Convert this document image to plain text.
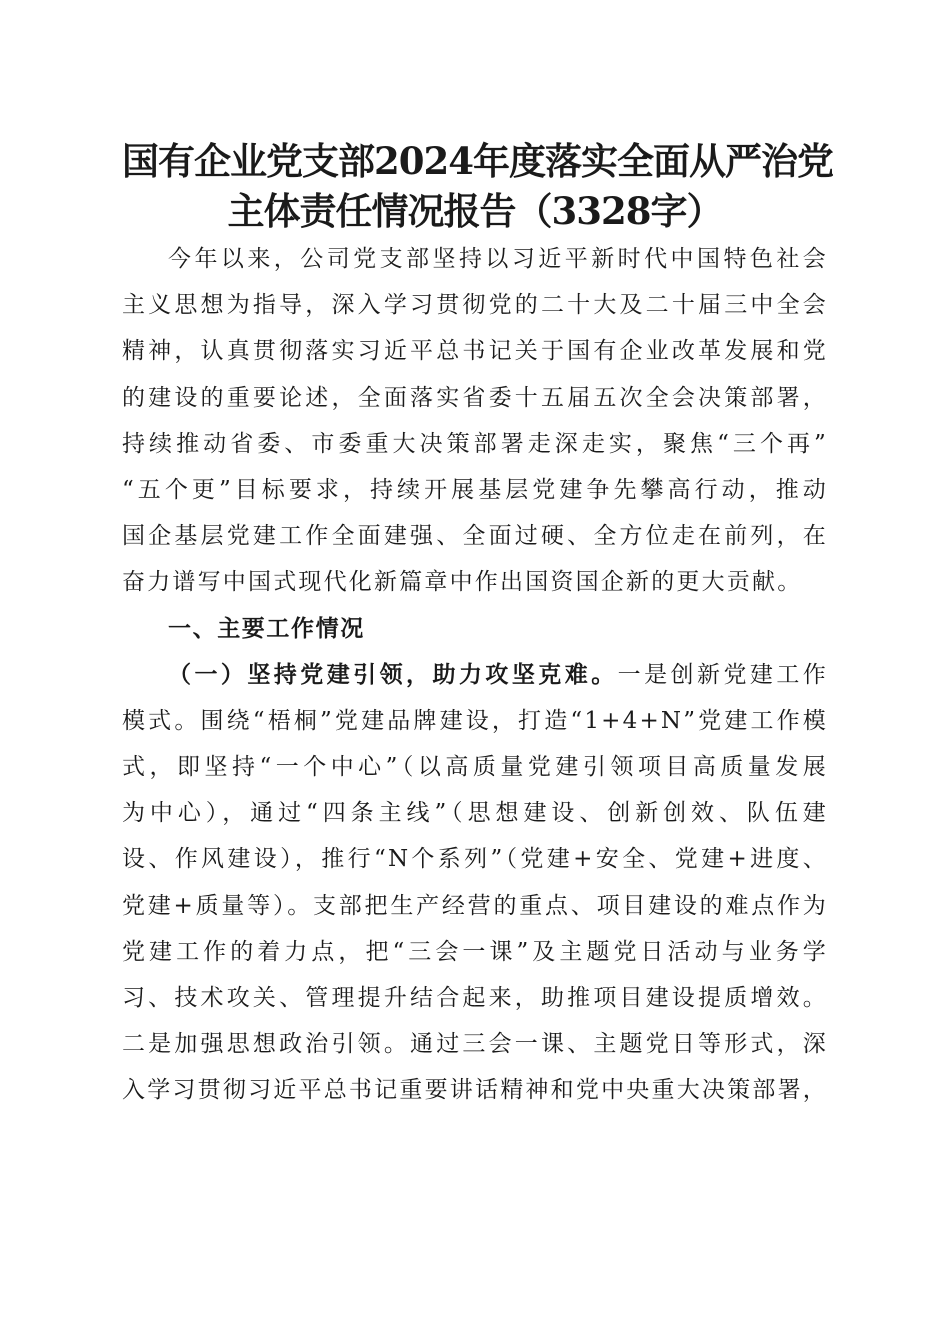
国有企业党支部2024年度落实全面从严治党
主体责任情况报告（3328字）
今年以来，公司党支部坚持以习近平新时代中国特色社会
主义思想为指导，深入学习贯彻党的二十大及二十届三中全会
精神，认真贯彻落实习近平总书记关于国有企业改革发展和党
的建设的重要论述，全面落实省委十五届五次全会决策部署，
持续推动省委、市委重大决策部署走深走实，聚焦“三个再”
“五个更”目标要求，持续开展基层党建争先攀高行动，推动
国企基层党建工作全面建强、全面过硬、全方位走在前列，在
奋力谱写中国式现代化新篇章中作出国资国企新的更大贡献。
一、主要工作情况
（一）坚持党建引领，助力攻坚克难。一是创新党建工作
模式。围绕“梧桐”党建品牌建设，打造“1+4+N”党建工作模
式，即坚持“一个中心”（以高质量党建引领项目高质量发展
为中心），通过“四条主线”（思想建设、创新创效、队伍建
设、作风建设），推行“N个系列”（党建+安全、党建+进度、
党建+质量等）。支部把生产经营的重点、项目建设的难点作为
党建工作的着力点，把“三会一课”及主题党日活动与业务学
习、技术攻关、管理提升结合起来，助推项目建设提质增效。
二是加强思想政治引领。通过三会一课、主题党日等形式，深
入学习贯彻习近平总书记重要讲话精神和党中央重大决策部署，
